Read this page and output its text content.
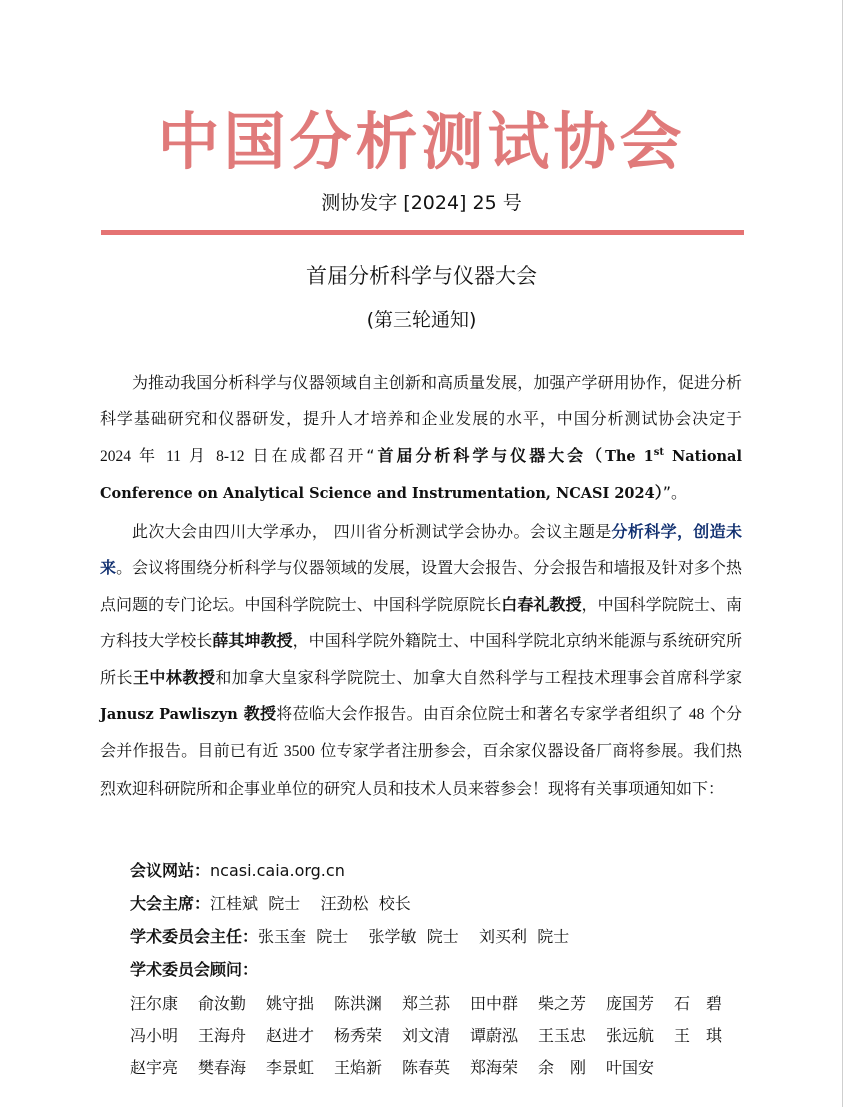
中国分析测试协会
测协发字 [2024] 25 号
首届分析科学与仪器大会
(第三轮通知)
为推动我国分析科学与仪器领域自主创新和高质量发展，加强产学研用协作，促进分析科学基础研究和仪器研发，提升人才培养和企业发展的水平，中国分析测试协会决定于 2024 年 11 月 8-12 日在成都召开“首届分析科学与仪器大会（The 1st National Conference on Analytical Science and Instrumentation, NCASI 2024）”。
此次大会由四川大学承办， 四川省分析测试学会协办。会议主题是分析科学，创造未来。会议将围绕分析科学与仪器领域的发展，设置大会报告、分会报告和墙报及针对多个热点问题的专门论坛。中国科学院院士、中国科学院原院长白春礼教授，中国科学院院士、南方科技大学校长薛其坤教授，中国科学院外籍院士、中国科学院北京纳米能源与系统研究所所长王中林教授和加拿大皇家科学院院士、加拿大自然科学与工程技术理事会首席科学家 Janusz Pawliszyn 教授将莅临大会作报告。由百余位院士和著名专家学者组织了 48 个分会并作报告。目前已有近 3500 位专家学者注册参会，百余家仪器设备厂商将参展。我们热烈欢迎科研院所和企事业单位的研究人员和技术人员来蓉参会！现将有关事项通知如下：
会议网站：ncasi.caia.org.cn
大会主席：江桂斌  院士    汪劲松  校长
学术委员会主任：张玉奎  院士    张学敏  院士    刘买利  院士
学术委员会顾问：
汪尔康 俞汝勤 姚守拙 陈洪渊 郑兰荪 田中群 柴之芳 庞国芳 石　碧
冯小明 王海舟 赵进才 杨秀荣 刘文清 谭蔚泓 王玉忠 张远航 王　琪
赵宇亮 樊春海 李景虹 王焰新 陈春英 郑海荣 余　刚 叶国安
